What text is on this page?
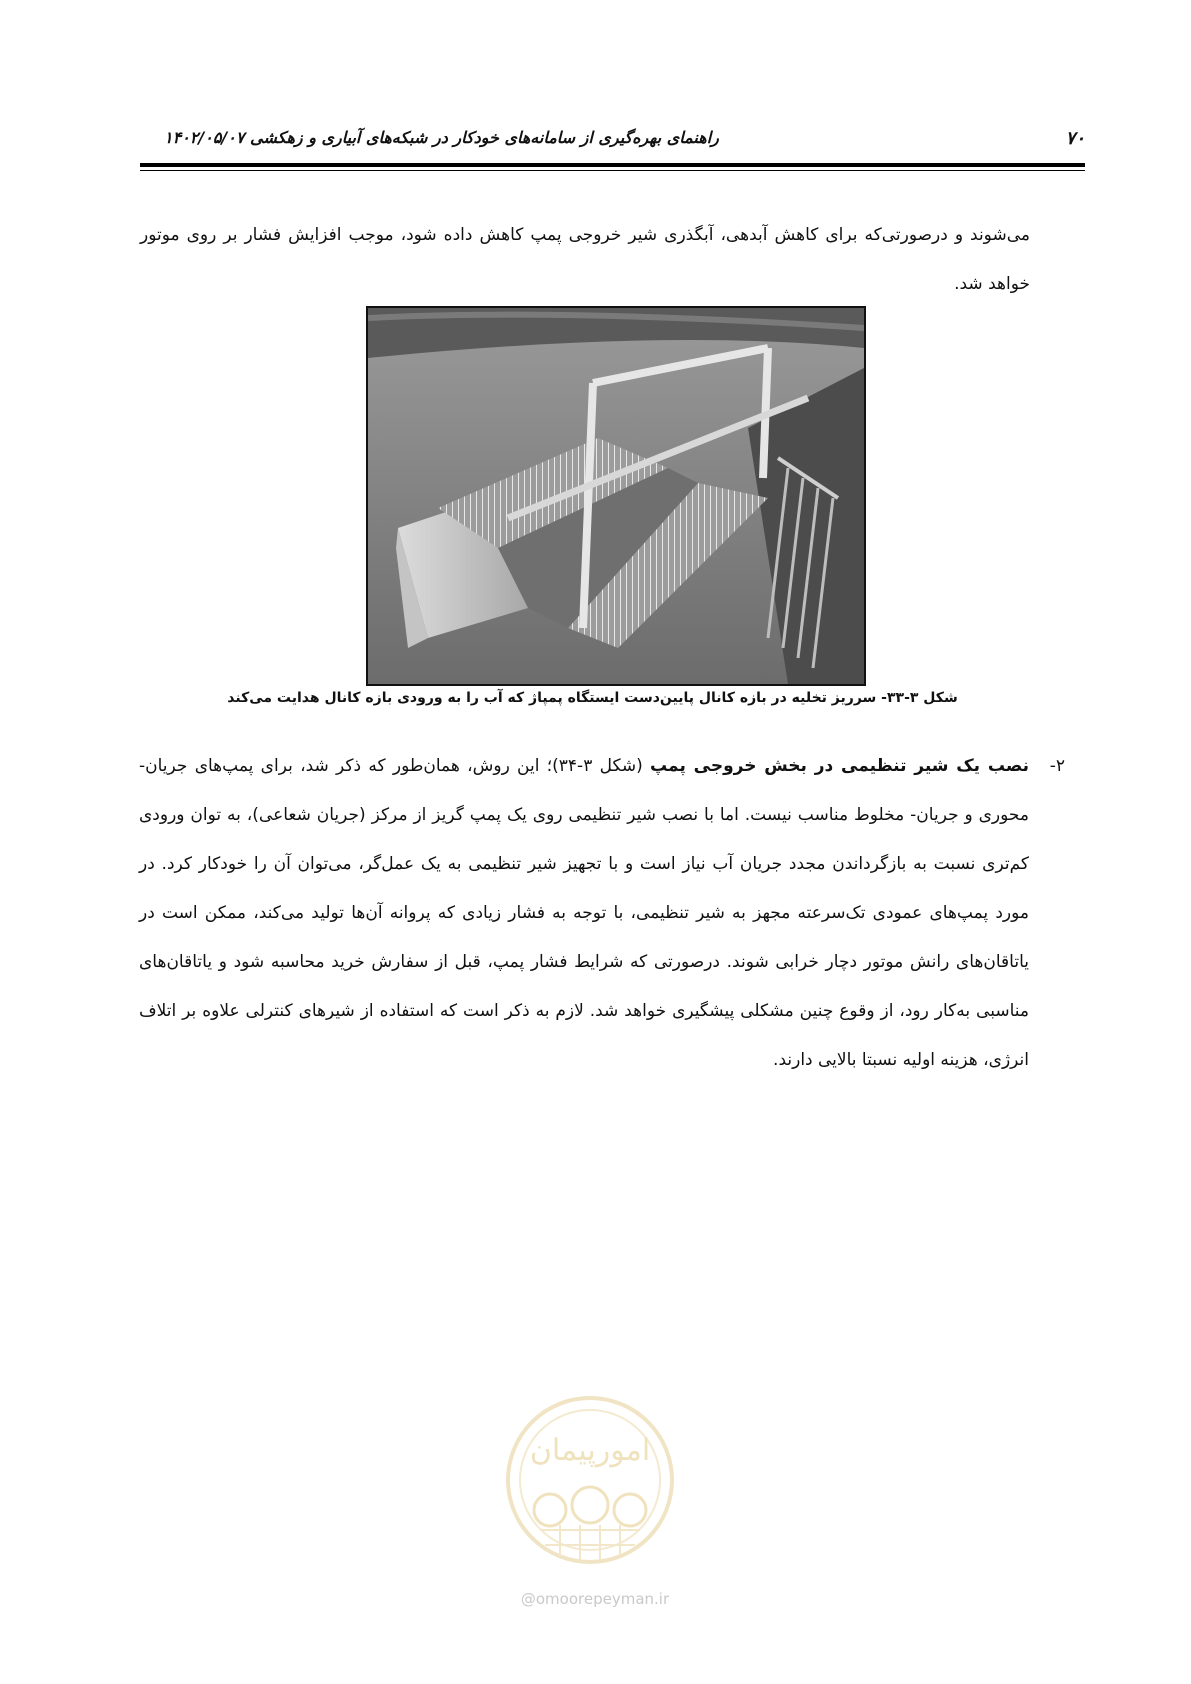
۷۰
راهنمای بهره‌گیری از سامانه‌های خودکار در شبکه‌های آبیاری و زهکشی ۱۴۰۲/۰۵/۰۷

می‌شوند و درصورتی‌که برای کاهش آبدهی، آبگذری شیر خروجی پمپ کاهش داده شود، موجب افزایش فشار بر روی موتور خواهد شد.

شکل ۳-۳۳- سرریز تخلیه در بازه کانال پایین‌دست ایستگاه پمپاژ که آب را به ورودی بازه کانال هدایت می‌کند
۲-
نصب یک شیر تنظیمی در بخش خروجی پمپ (شکل ۳-۳۴)؛ این روش، همان‌طور که ذکر شد، برای پمپ‌های جریان- محوری و جریان- مخلوط مناسب نیست. اما با نصب شیر تنظیمی روی یک پمپ گریز از مرکز (جریان شعاعی)، به توان ورودی کم‌تری نسبت به بازگرداندن مجدد جریان آب نیاز است و با تجهیز شیر تنظیمی به یک عمل‌گر، می‌توان آن را خودکار کرد. در مورد پمپ‌های عمودی تک‌سرعته مجهز به شیر تنظیمی، با توجه به فشار زیادی که پروانه آن‌ها تولید می‌کند، ممکن است در یاتاقان‌های رانش موتور دچار خرابی شوند. درصورتی که شرایط فشار پمپ، قبل از سفارش خرید محاسبه شود و یاتاقان‌های مناسبی به‌کار رود، از وقوع چنین مشکلی پیشگیری خواهد شد. لازم به ذکر است که استفاده از شیرهای کنترلی علاوه بر اتلاف انرژی، هزینه اولیه نسبتا بالایی دارند.
امورپیمان
@omoorepeyman.ir
